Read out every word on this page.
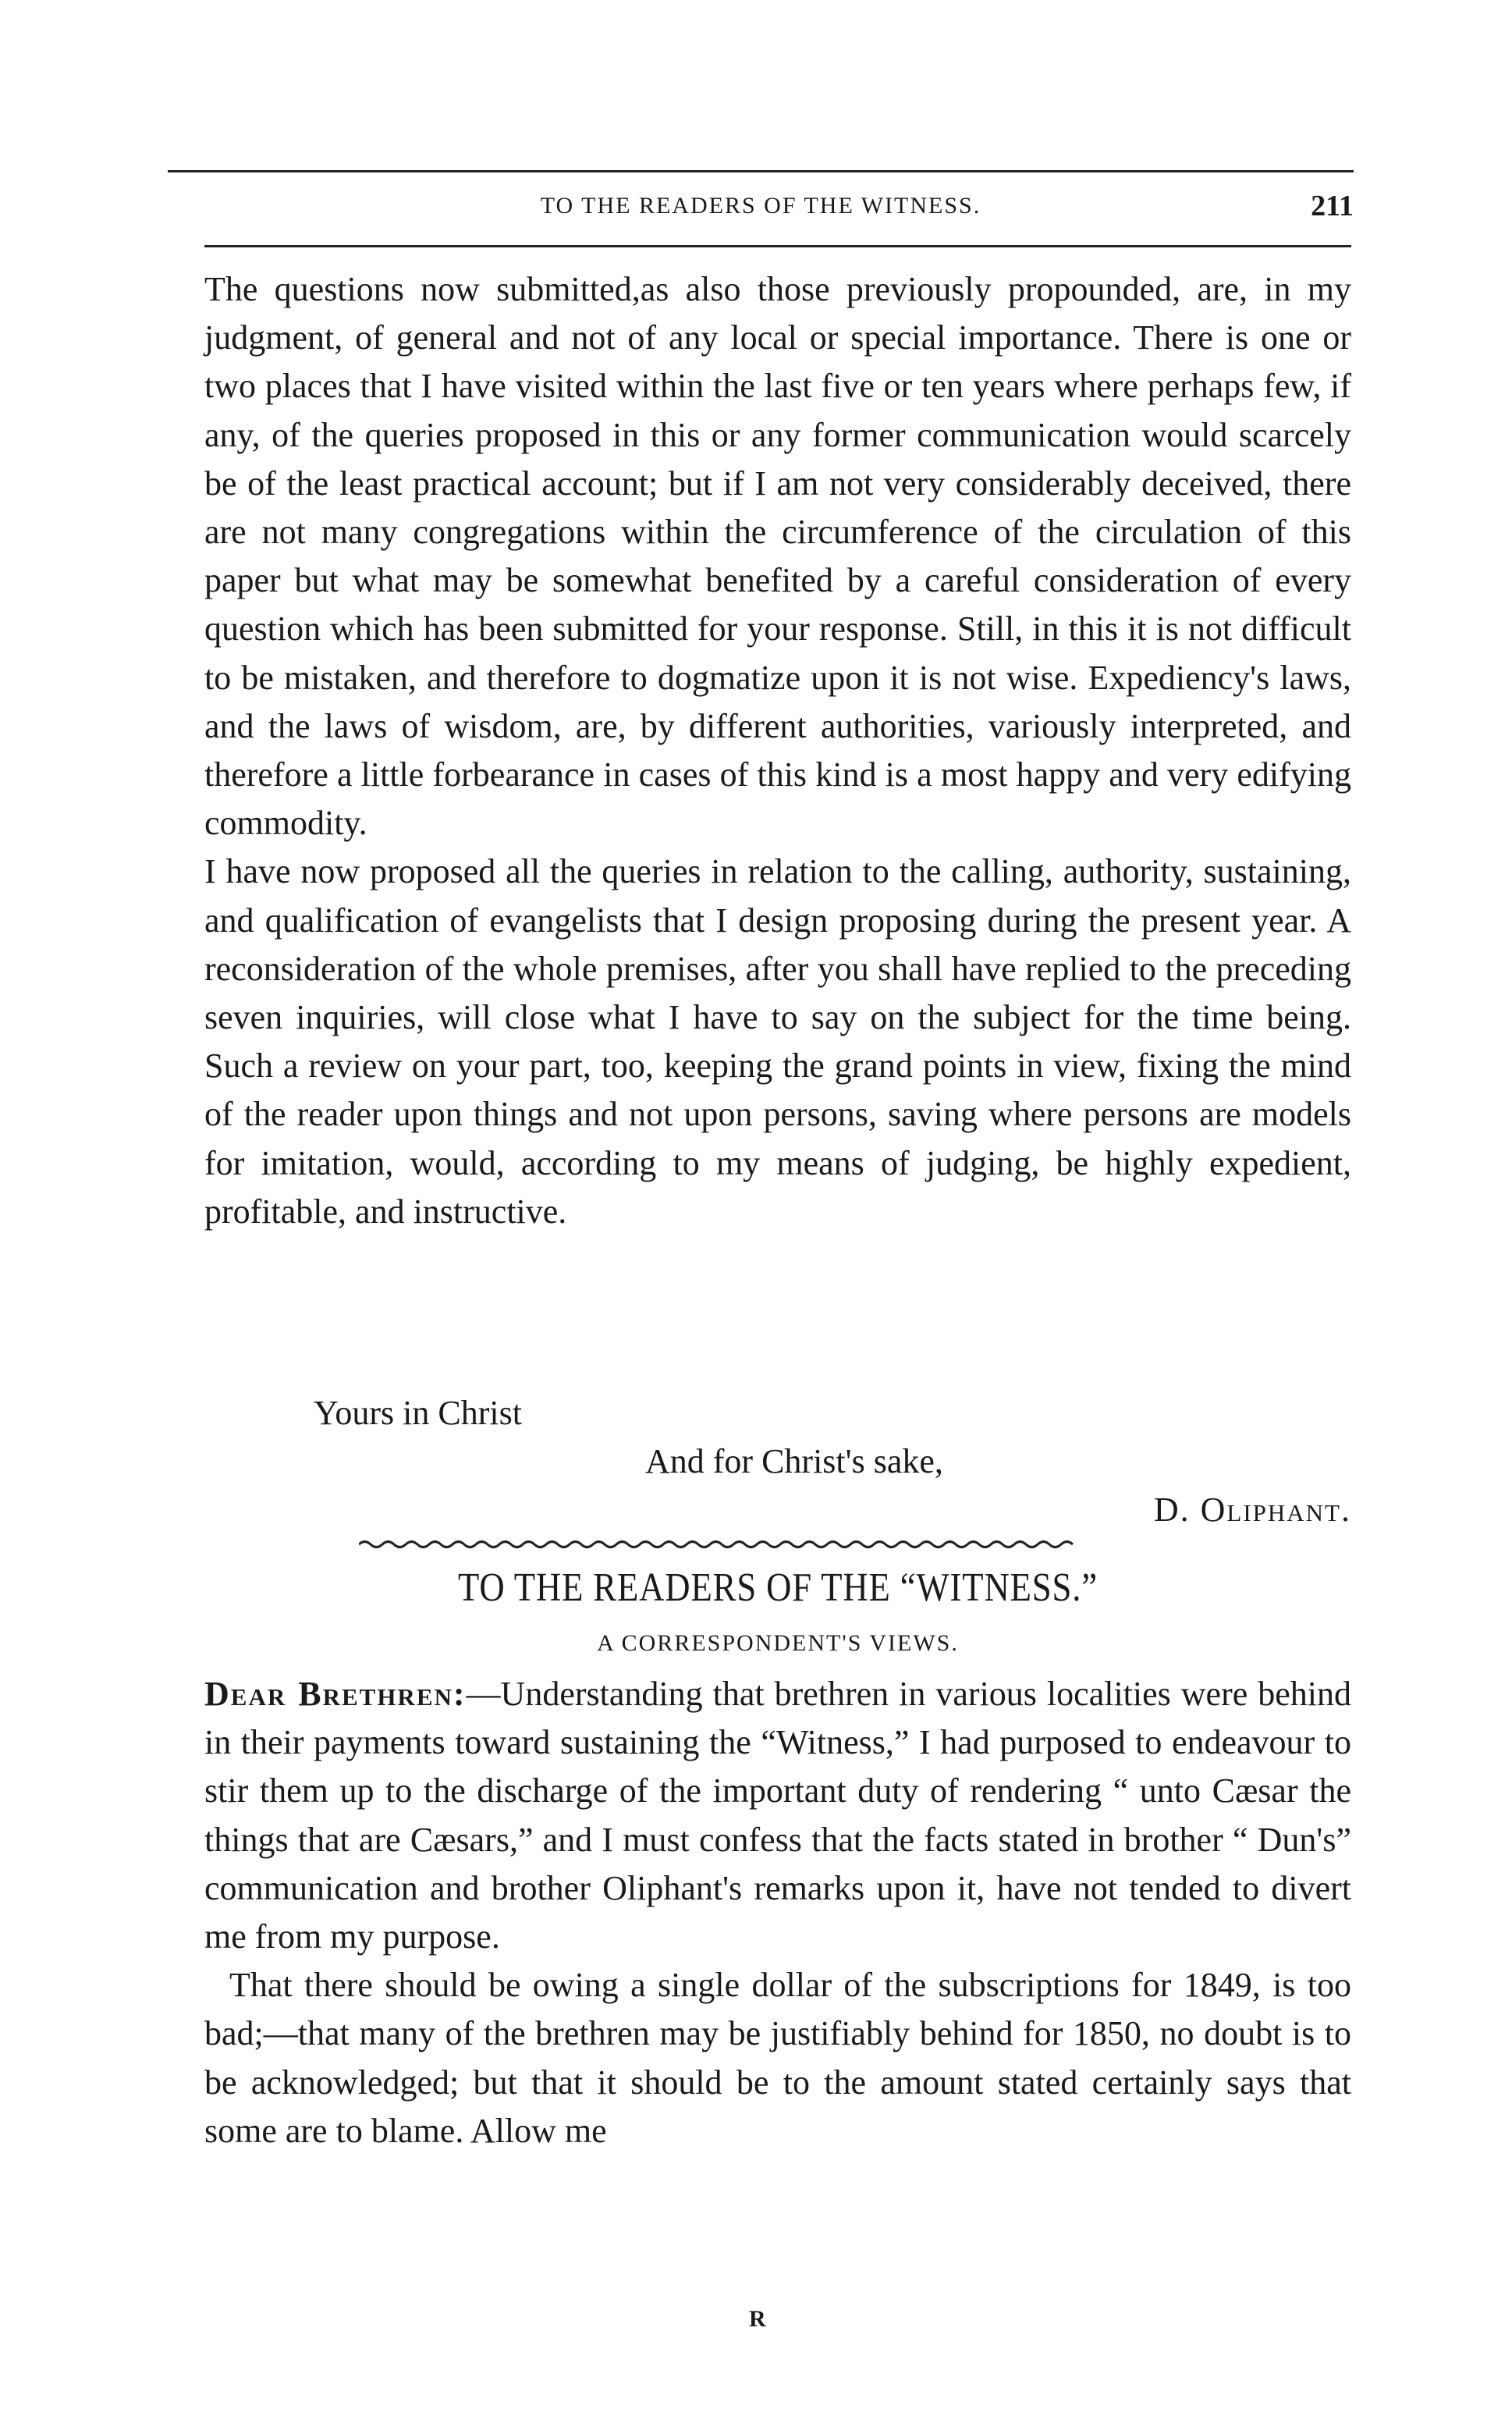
TO THE READERS OF THE WITNESS.	211

The questions now submitted,as also those previously propounded, are, in my judgment, of general and not of any local or special importance. There is one or two places that I have visited within the last five or ten years where perhaps few, if any, of the queries proposed in this or any former communication would scarcely be of the least practical account; but if I am not very considerably deceived, there are not many congregations within the circumference of the circulation of this paper but what may be somewhat benefited by a careful consideration of every question which has been submitted for your response. Still, in this it is not difficult to be mistaken, and therefore to dogmatize upon it is not wise. Expediency's laws, and the laws of wisdom, are, by different authorities, variously interpreted, and therefore a little forbearance in cases of this kind is a most happy and very edifying commodity.

I have now proposed all the queries in relation to the calling, authority, sustaining, and qualification of evangelists that I design proposing during the present year. A reconsideration of the whole premises, after you shall have replied to the preceding seven inquiries, will close what I have to say on the subject for the time being. Such a review on your part, too, keeping the grand points in view, fixing the mind of the reader upon things and not upon persons, saving where persons are models for imitation, would, according to my means of judging, be highly expedient, profitable, and instructive.

Yours in Christ
And for Christ's sake,
D. Oliphant.
TO THE READERS OF THE “WITNESS.”
A CORRESPONDENT'S VIEWS.

Dear Brethren:—Understanding that brethren in various localities were behind in their payments toward sustaining the “Witness,” I had purposed to endeavour to stir them up to the discharge of the important duty of rendering “ unto Cæsar the things that are Cæsars,” and I must confess that the facts stated in brother “ Dun's” communication and brother Oliphant's remarks upon it, have not tended to divert me from my purpose.

That there should be owing a single dollar of the subscriptions for 1849, is too bad;—that many of the brethren may be justifiably behind for 1850, no doubt is to be acknowledged; but that it should be to the amount stated certainly says that some are to blame. Allow me

R
